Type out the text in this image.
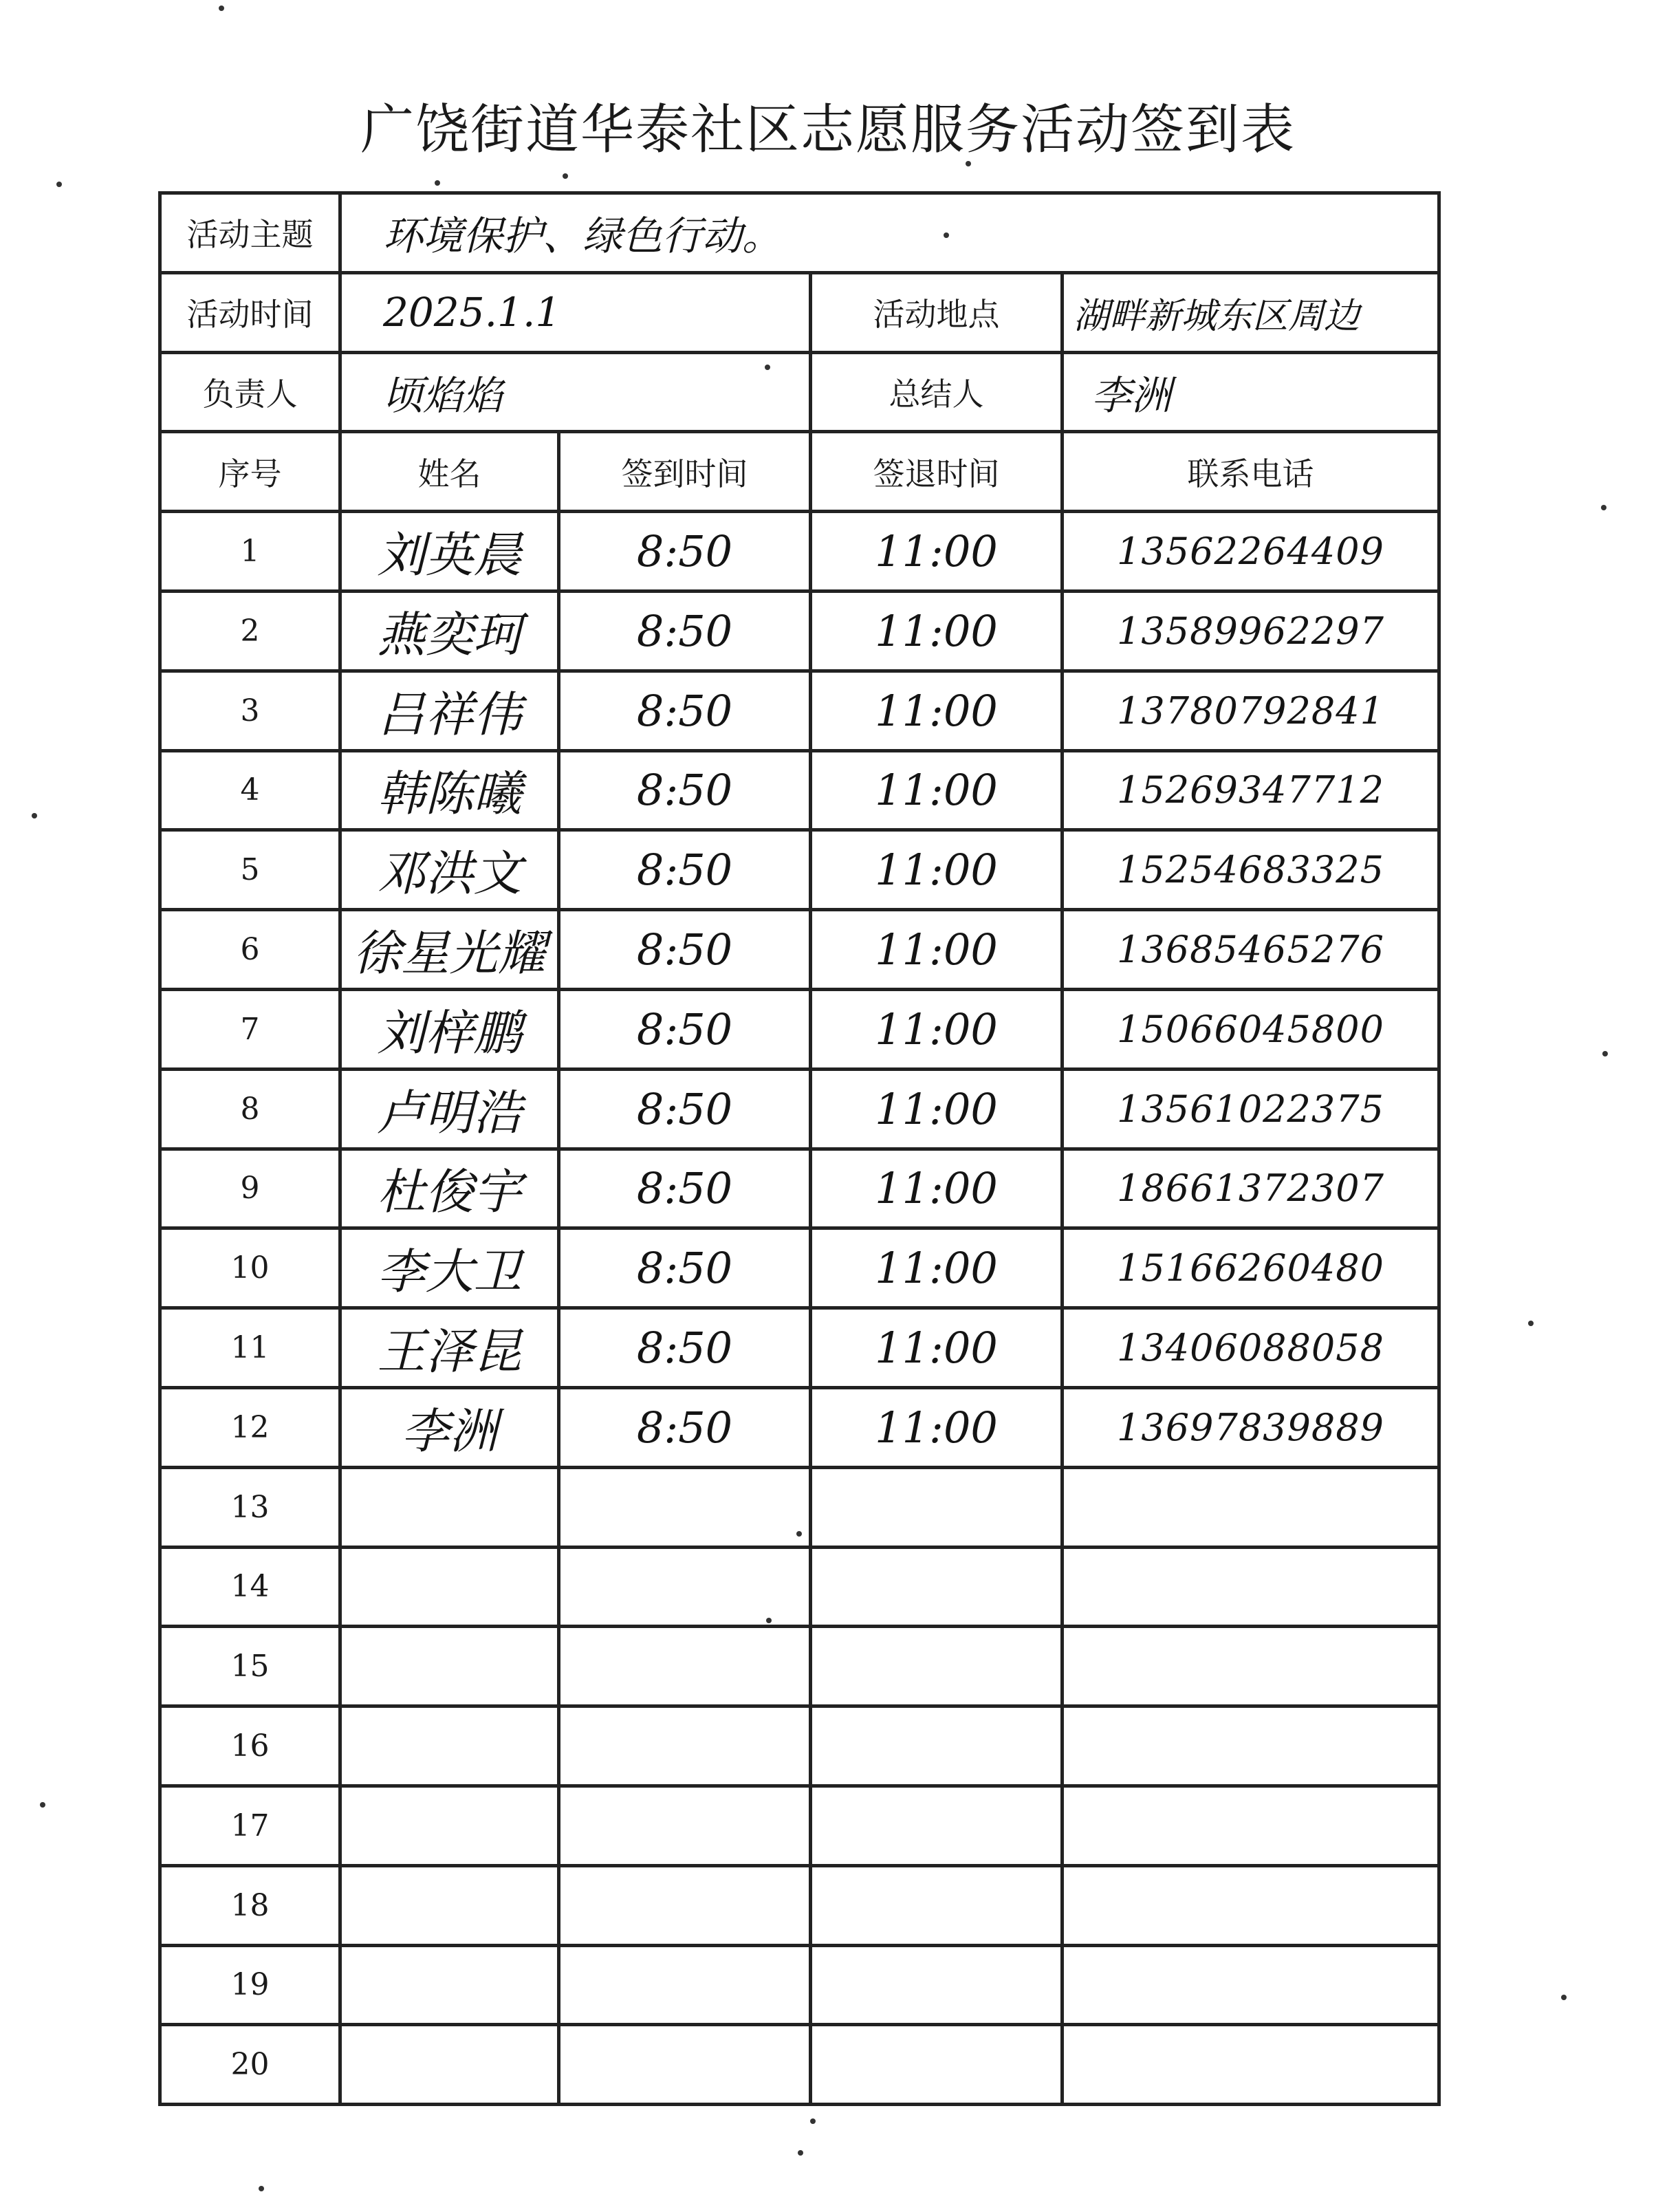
广饶街道华泰社区志愿服务活动签到表
活动主题	环境保护、绿色行动。			
活动时间	2025.1.1		活动地点	湖畔新城东区周边
负责人	顷焰焰		总结人	李洲
序号	姓名	签到时间	签退时间	联系电话
1	刘英晨	8:50	11:00	13562264409
2	燕奕珂	8:50	11:00	13589962297
3	吕祥伟	8:50	11:00	13780792841
4	韩陈曦	8:50	11:00	15269347712
5	邓洪文	8:50	11:00	15254683325
6	徐星光耀	8:50	11:00	13685465276
7	刘梓鹏	8:50	11:00	15066045800
8	卢明浩	8:50	11:00	13561022375
9	杜俊宇	8:50	11:00	18661372307
10	李大卫	8:50	11:00	15166260480
11	王泽昆	8:50	11:00	13406088058
12	李洲	8:50	11:00	13697839889
13				
14				
15				
16				
17				
18				
19				
20				
